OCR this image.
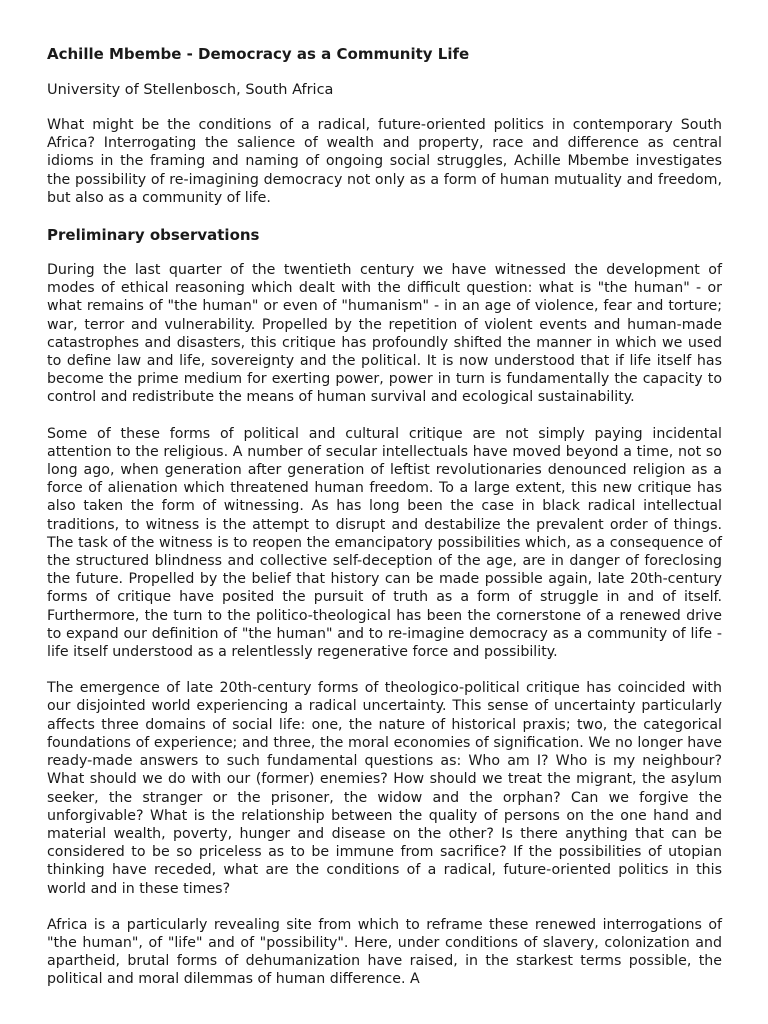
Achille Mbembe - Democracy as a Community Life
University of Stellenbosch, South Africa

What might be the conditions of a radical, future-oriented politics in contemporary South Africa? Interrogating the salience of wealth and property, race and difference as central idioms in the framing and naming of ongoing social struggles, Achille Mbembe investigates the possibility of re-imagining democracy not only as a form of human mutuality and freedom, but also as a community of life.

Preliminary observations

During the last quarter of the twentieth century we have witnessed the development of modes of ethical reasoning which dealt with the difficult question: what is "the human" - or what remains of "the human" or even of "humanism" - in an age of violence, fear and torture; war, terror and vulnerability. Propelled by the repetition of violent events and human-made catastrophes and disasters, this critique has profoundly shifted the manner in which we used to define law and life, sovereignty and the political. It is now understood that if life itself has become the prime medium for exerting power, power in turn is fundamentally the capacity to control and redistribute the means of human survival and ecological sustainability.

Some of these forms of political and cultural critique are not simply paying incidental attention to the religious. A number of secular intellectuals have moved beyond a time, not so long ago, when generation after generation of leftist revolutionaries denounced religion as a force of alienation which threatened human freedom. To a large extent, this new critique has also taken the form of witnessing. As has long been the case in black radical intellectual traditions, to witness is the attempt to disrupt and destabilize the prevalent order of things. The task of the witness is to reopen the emancipatory possibilities which, as a consequence of the structured blindness and collective self-deception of the age, are in danger of foreclosing the future. Propelled by the belief that history can be made possible again, late 20th-century forms of critique have posited the pursuit of truth as a form of struggle in and of itself. Furthermore, the turn to the politico-theological has been the cornerstone of a renewed drive to expand our definition of "the human" and to re-imagine democracy as a community of life - life itself understood as a relentlessly regenerative force and possibility.

The emergence of late 20th-century forms of theologico-political critique has coincided with our disjointed world experiencing a radical uncertainty. This sense of uncertainty particularly affects three domains of social life: one, the nature of historical praxis; two, the categorical foundations of experience; and three, the moral economies of signification. We no longer have ready-made answers to such fundamental questions as: Who am I? Who is my neighbour? What should we do with our (former) enemies? How should we treat the migrant, the asylum seeker, the stranger or the prisoner, the widow and the orphan? Can we forgive the unforgivable? What is the relationship between the quality of persons on the one hand and material wealth, poverty, hunger and disease on the other? Is there anything that can be considered to be so priceless as to be immune from sacrifice? If the possibilities of utopian thinking have receded, what are the conditions of a radical, future-oriented politics in this world and in these times?

Africa is a particularly revealing site from which to reframe these renewed interrogations of "the human", of "life" and of "possibility". Here, under conditions of slavery, colonization and apartheid, brutal forms of dehumanization have raised, in the starkest terms possible, the political and moral dilemmas of human difference. A
